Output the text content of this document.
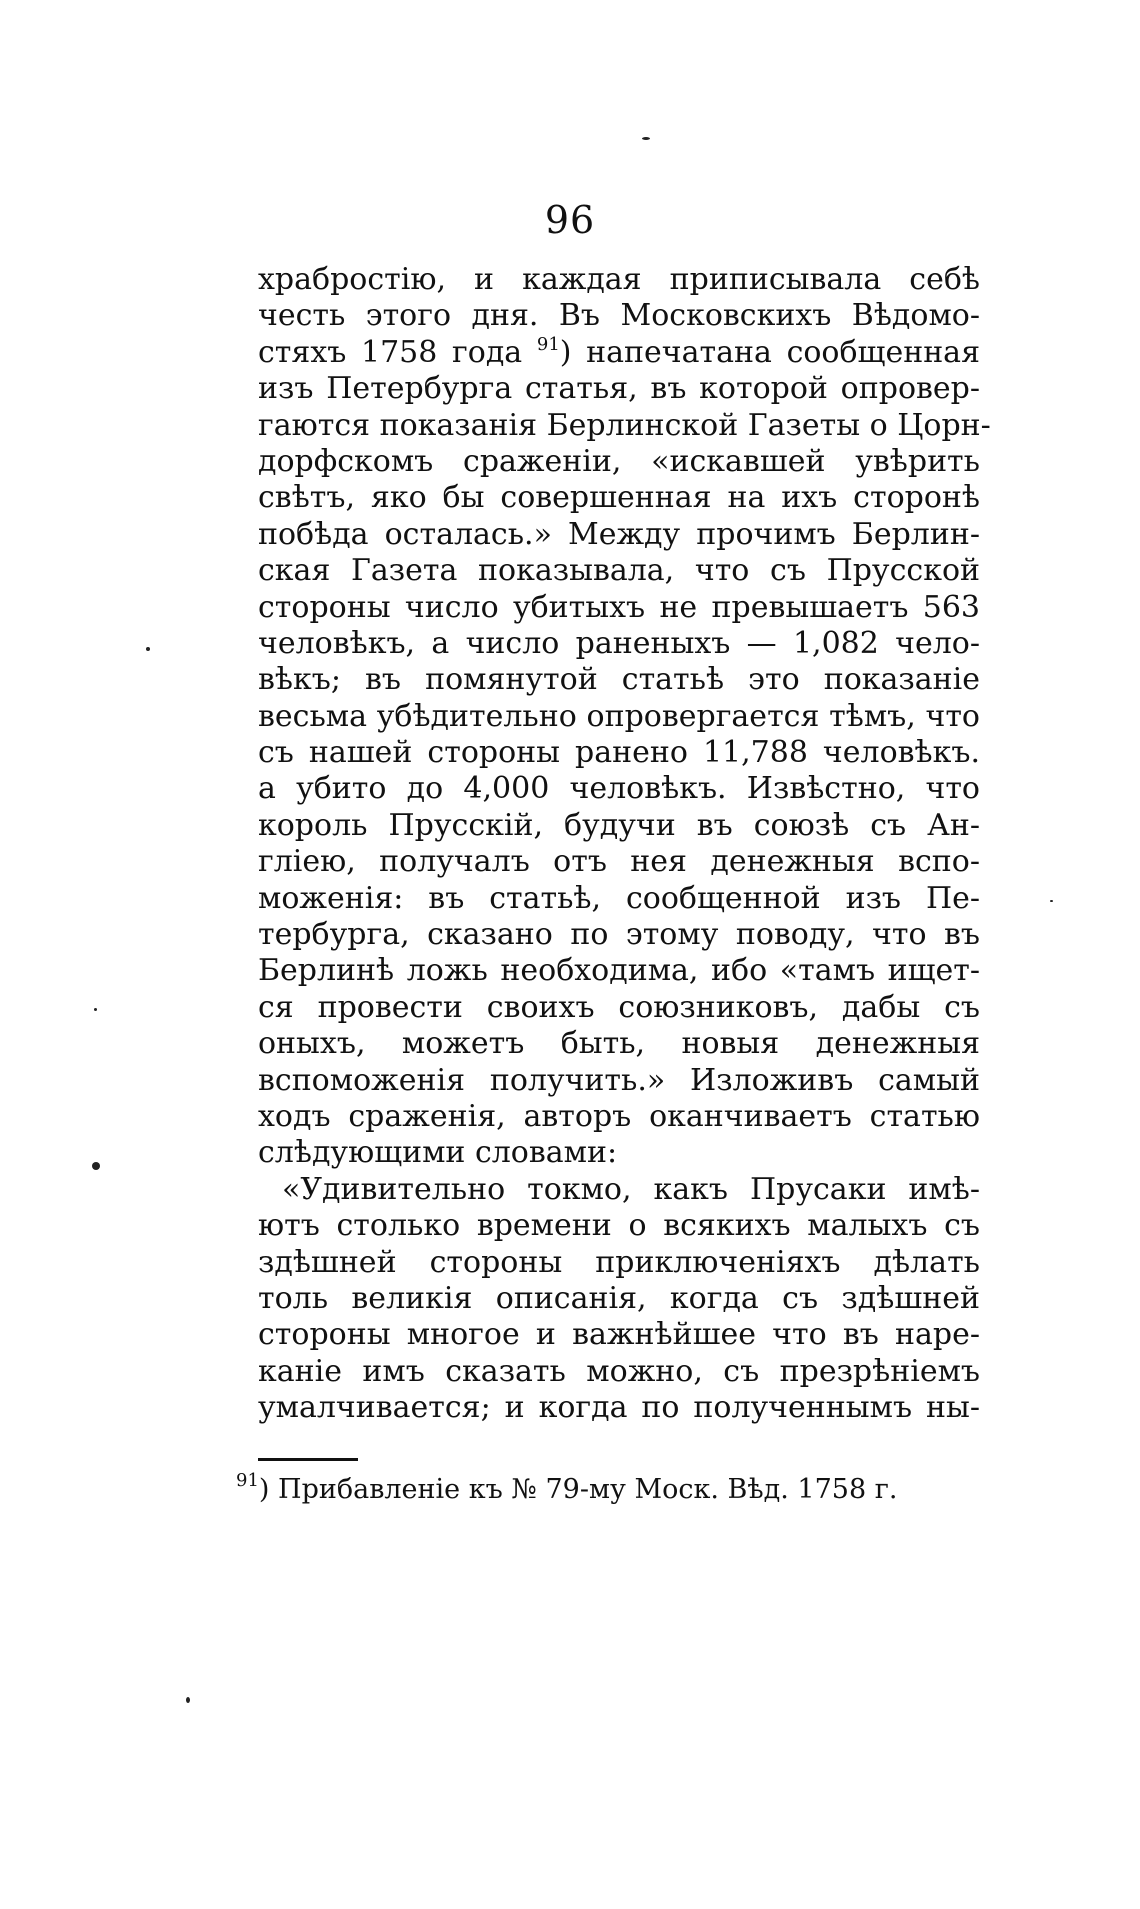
96
храбростію, и каждая приписывала себѣ
честь этого дня. Въ Московскихъ Вѣдомо-
стяхъ 1758 года $^{91}$) напечатана сообщенная
изъ Петербурга статья, въ которой опровер-
гаются показанія Берлинской Газеты о Цорн-
дорфскомъ сраженіи, «искавшей увѣрить
свѣтъ, яко бы совершенная на ихъ сторонѣ
побѣда осталась.» Между прочимъ Берлин-
ская Газета показывала, что съ Прусской
стороны число убитыхъ не превышаетъ 563
человѣкъ, а число раненыхъ — 1,082 чело-
вѣкъ; въ помянутой статьѣ это показаніе
весьма убѣдительно опровергается тѣмъ, что
съ нашей стороны ранено 11,788 человѣкъ.
а убито до 4,000 человѣкъ. Извѣстно, что
король Прусскій, будучи въ союзѣ съ Ан-
гліею, получалъ отъ нея денежныя вспо-
моженія: въ статьѣ, сообщенной изъ Пе-
тербурга, сказано по этому поводу, что въ
Берлинѣ ложь необходима, ибо «тамъ ищет-
ся провести своихъ союзниковъ, дабы съ
оныхъ, можетъ быть, новыя денежныя
вспоможенія получить.» Изложивъ самый
ходъ сраженія, авторъ оканчиваетъ статью
слѣдующими словами:
«Удивительно токмо, какъ Прусаки имѣ-
ютъ столько времени о всякихъ малыхъ съ
здѣшней стороны приключеніяхъ дѣлать
толь великія описанія, когда съ здѣшней
стороны многое и важнѣйшее что въ нарe-
каніе имъ сказать можно, съ презрѣніемъ
умалчивается; и когда по полученнымъ ны-
$^{91}$) Прибавленіе къ № 79-му Моск. Вѣд. 1758 г.
